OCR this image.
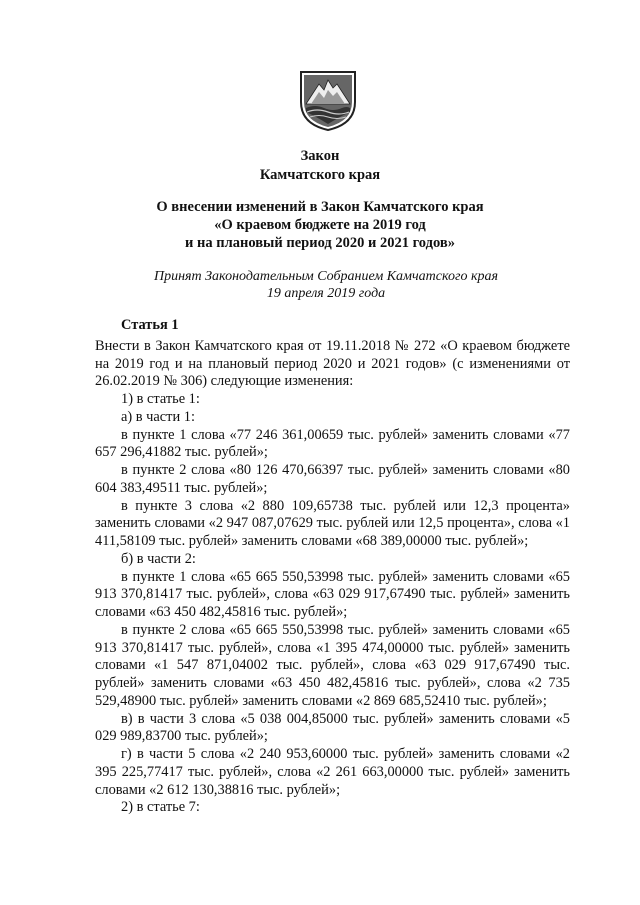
Закон
Камчатского края
О внесении изменений в Закон Камчатского края
«О краевом бюджете на 2019 год
и на плановый период 2020 и 2021 годов»
Принят Законодательным Собранием Камчатского края
19 апреля 2019 года

Статья 1

Внести в Закон Камчатского края от 19.11.2018 № 272 «О краевом бюджете на 2019 год и на плановый период 2020 и 2021 годов» (с изменениями от 26.02.2019 № 306) следующие изменения:

1) в статье 1:

а) в части 1:

в пункте 1 слова «77 246 361,00659 тыс. рублей» заменить словами «77 657 296,41882 тыс. рублей»;

в пункте 2 слова «80 126 470,66397 тыс. рублей» заменить словами «80 604 383,49511 тыс. рублей»;

в пункте 3 слова «2 880 109,65738 тыс. рублей или 12,3 процента» заменить словами «2 947 087,07629 тыс. рублей или 12,5 процента», слова «1 411,58109 тыс. рублей» заменить словами «68 389,00000 тыс. рублей»;

б) в части 2:

в пункте 1 слова «65 665 550,53998 тыс. рублей» заменить словами «65 913 370,81417 тыс. рублей», слова «63 029 917,67490 тыс. рублей» заменить словами «63 450 482,45816 тыс. рублей»;

в пункте 2 слова «65 665 550,53998 тыс. рублей» заменить словами «65 913 370,81417 тыс. рублей», слова «1 395 474,00000 тыс. рублей» заменить словами «1 547 871,04002 тыс. рублей», слова «63 029 917,67490 тыс. рублей» заменить словами «63 450 482,45816 тыс. рублей», слова «2 735 529,48900 тыс. рублей» заменить словами «2 869 685,52410 тыс. рублей»;

в) в части 3 слова «5 038 004,85000 тыс. рублей» заменить словами «5 029 989,83700 тыс. рублей»;

г) в части 5 слова «2 240 953,60000 тыс. рублей» заменить словами «2 395 225,77417 тыс. рублей», слова «2 261 663,00000 тыс. рублей» заменить словами «2 612 130,38816 тыс. рублей»;

2) в статье 7:
